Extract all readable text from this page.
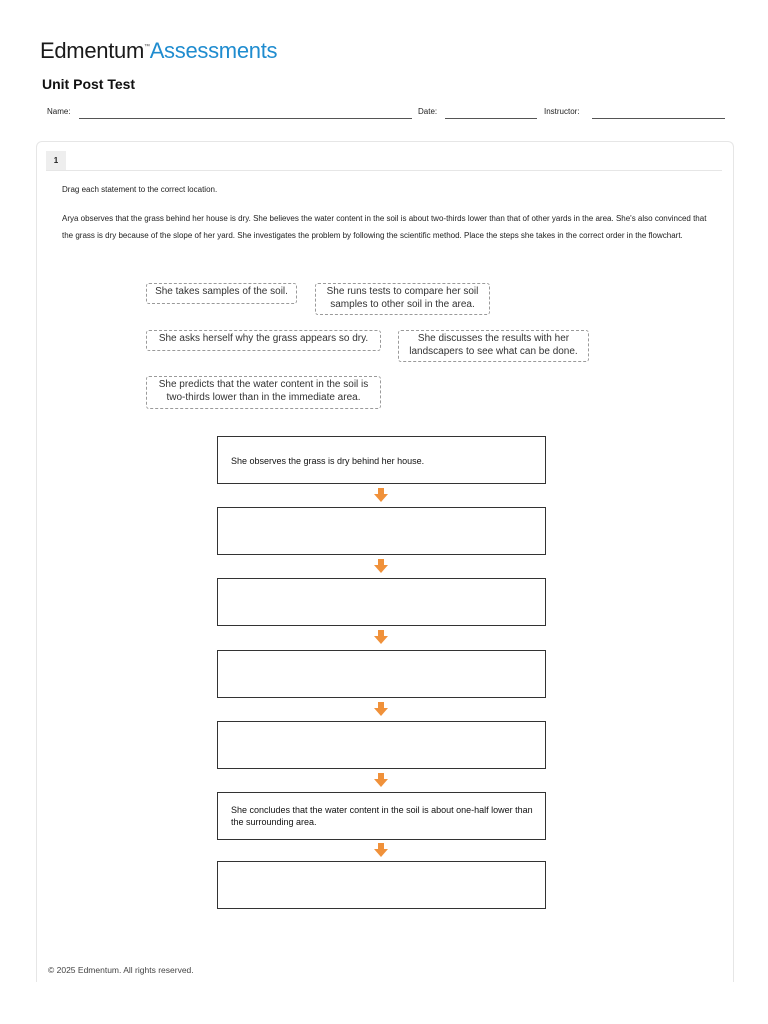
Edmentum™Assessments
Unit Post Test
Name:	Date:	Instructor:
1
Drag each statement to the correct location.
Arya observes that the grass behind her house is dry. She believes the water content in the soil is about two-thirds lower than that of other yards in the area. She's also convinced that the grass is dry because of the slope of her yard. She investigates the problem by following the scientific method. Place the steps she takes in the correct order in the flowchart.
She takes samples of the soil.	She runs tests to compare her soil samples to other soil in the area.
She asks herself why the grass appears so dry.	She discusses the results with her landscapers to see what can be done.
She predicts that the water content in the soil is two-thirds lower than in the immediate area.
She observes the grass is dry behind her house.
She concludes that the water content in the soil is about one-half lower than the surrounding area.
© 2025 Edmentum. All rights reserved.
